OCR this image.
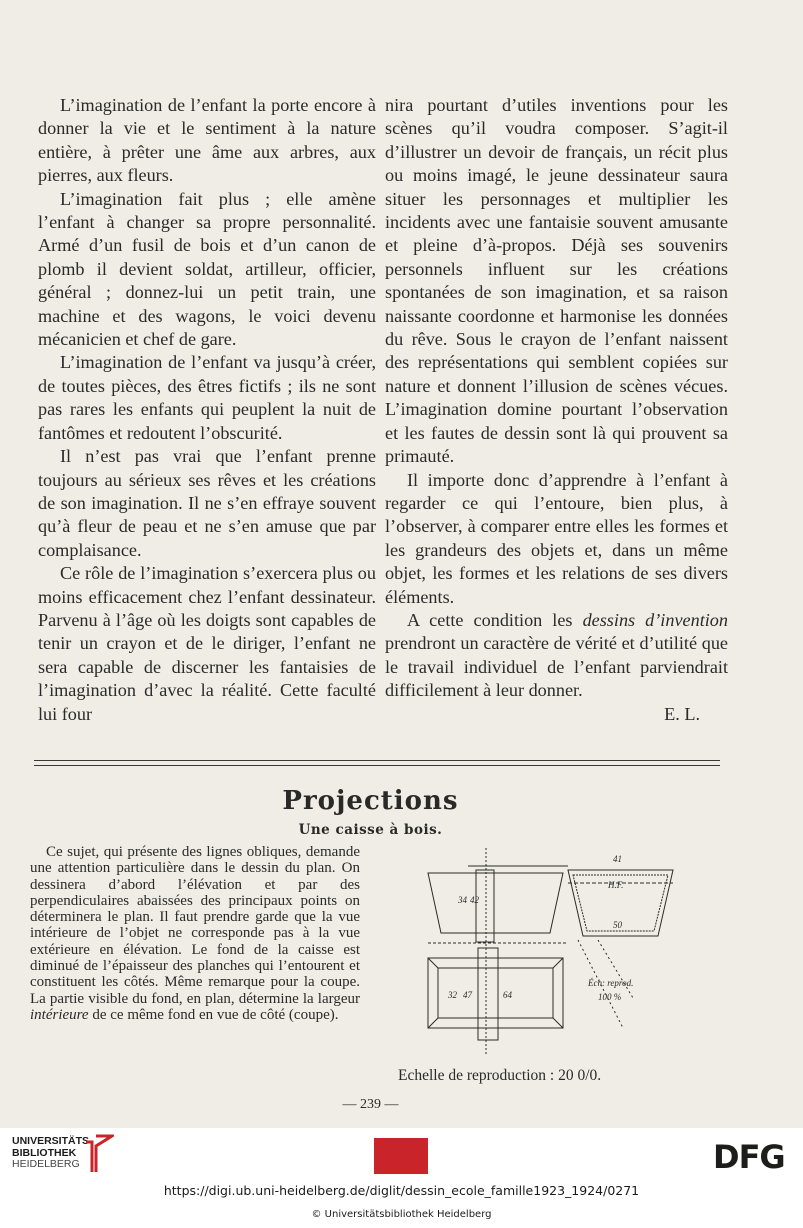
L’imagination de l’enfant la porte encore à donner la vie et le sentiment à la nature entière, à prêter une âme aux arbres, aux pierres, aux fleurs.

L’imagination fait plus ; elle amène l’enfant à changer sa propre personnalité. Armé d’un fusil de bois et d’un canon de plomb il devient soldat, artilleur, officier, général ; donnez-lui un petit train, une machine et des wagons, le voici devenu mécanicien et chef de gare.

L’imagination de l’enfant va jusqu’à créer, de toutes pièces, des êtres fictifs ; ils ne sont pas rares les enfants qui peuplent la nuit de fantômes et redoutent l’obscurité.

Il n’est pas vrai que l’enfant prenne toujours au sérieux ses rêves et les créations de son imagination. Il ne s’en effraye souvent qu’à fleur de peau et ne s’en amuse que par complaisance.

Ce rôle de l’imagination s’exercera plus ou moins efficacement chez l’enfant dessinateur. Parvenu à l’âge où les doigts sont capables de tenir un crayon et de le diriger, l’enfant ne sera capable de discerner les fantaisies de l’imagination d’avec la réalité. Cette faculté lui four

nira pourtant d’utiles inventions pour les scènes qu’il voudra composer. S’agit-il d’illustrer un devoir de français, un récit plus ou moins imagé, le jeune dessinateur saura situer les personnages et multiplier les incidents avec une fantaisie souvent amusante et pleine d’à-propos. Déjà ses souvenirs personnels influent sur les créations spontanées de son imagination, et sa raison naissante coordonne et harmonise les données du rêve. Sous le crayon de l’enfant naissent des représentations qui semblent copiées sur nature et donnent l’illusion de scènes vécues. L’imagination domine pourtant l’observation et les fautes de dessin sont là qui prouvent sa primauté.

Il importe donc d’apprendre à l’enfant à regarder ce qui l’entoure, bien plus, à l’observer, à comparer entre elles les formes et les grandeurs des objets et, dans un même objet, les formes et les relations de ses divers éléments.

A cette condition les dessins d’invention prendront un caractère de vérité et d’utilité que le travail individuel de l’enfant parviendrait difficilement à leur donner.

E. L.
Projections
Une caisse à bois.

Ce sujet, qui présente des lignes obliques, demande une attention particulière dans le dessin du plan. On dessinera d’abord l’élévation et par des perpendiculaires abaissées des principaux points on déterminera le plan. Il faut prendre garde que la vue intérieure de l’objet ne corresponde pas à la vue extérieure en élévation. Le fond de la caisse est diminué de l’épaisseur des planches qui l’entourent et constituent les côtés. Même remarque pour la coupe. La partie visible du fond, en plan, détermine la largeur intérieure de ce même fond en vue de côté (coupe).

41
H.F.
34 42
50
32 47	64
Éch: reprod.
100 %
Echelle de reproduction : 20 0/0.
— 239 —
UNIVERSITÄTS-
BIBLIOTHEK
HEIDELBERG	DFG
https://digi.ub.uni-heidelberg.de/diglit/dessin_ecole_famille1923_1924/0271
© Universitätsbibliothek Heidelberg
